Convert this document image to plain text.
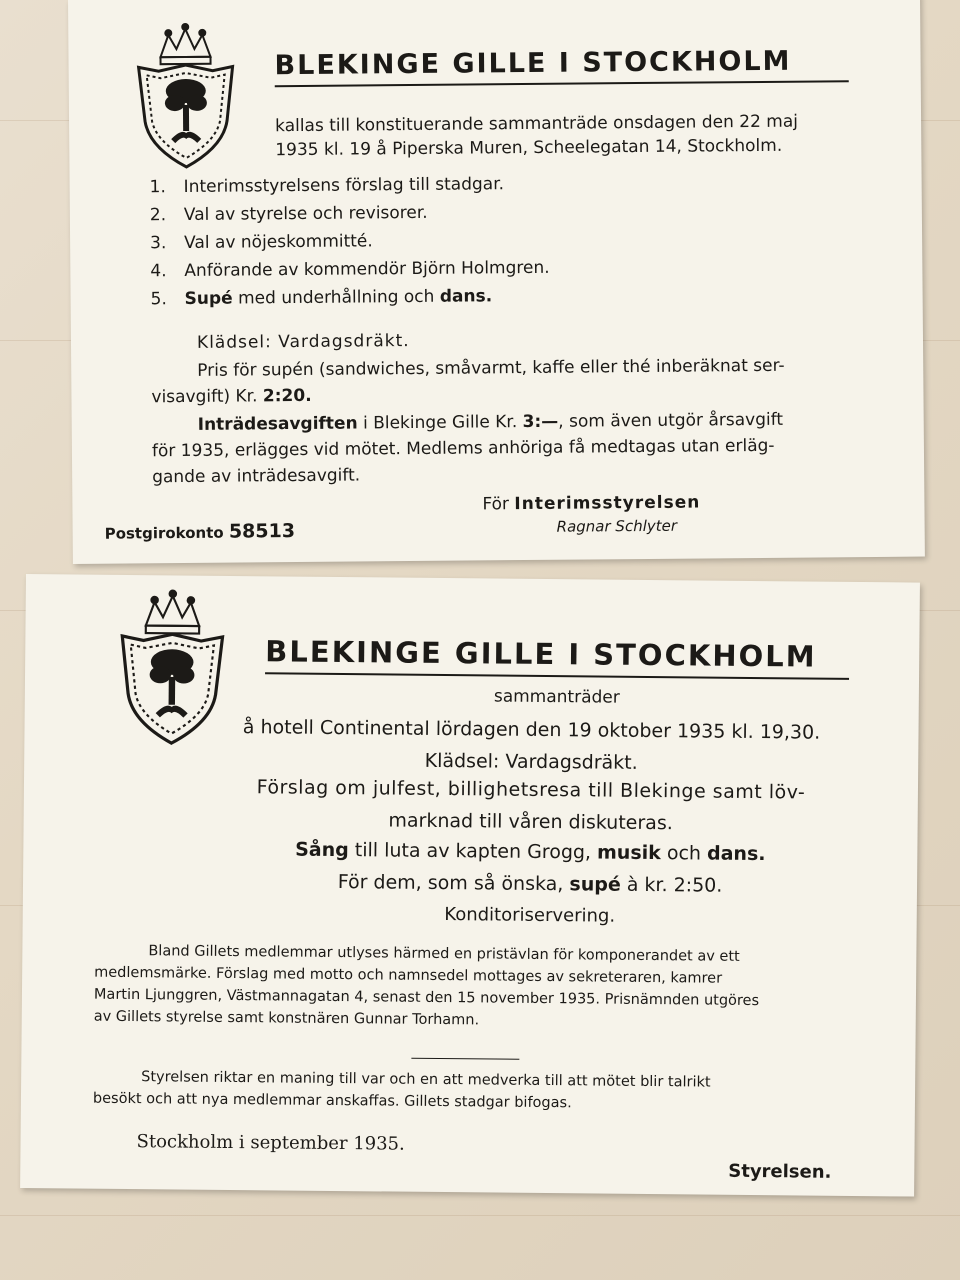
BLEKINGE GILLE I STOCKHOLM
kallas till konstituerande sammanträde onsdagen den 22 maj
1935 kl. 19 å Piperska Muren, Scheelegatan 14, Stockholm.
1. Interimsstyrelsens förslag till stadgar.
2. Val av styrelse och revisorer.
3. Val av nöjeskommitté.
4. Anförande av kommendör Björn Holmgren.
5. Supé med underhållning och dans.
Klädsel: Vardagsdräkt.
Pris för supén (sandwiches, småvarmt, kaffe eller thé inberäknat ser-
visavgift) Kr. 2:20.
Inträdesavgiften i Blekinge Gille Kr. 3:—, som även utgör årsavgift
för 1935, erlägges vid mötet. Medlems anhöriga få medtagas utan erläg-
gande av inträdesavgift.
Postgirokonto 58513
För Interimsstyrelsen
Ragnar Schlyter
BLEKINGE GILLE I STOCKHOLM
sammanträder
å hotell Continental lördagen den 19 oktober 1935 kl. 19,30.
Klädsel: Vardagsdräkt.
Förslag om julfest, billighetsresa till Blekinge samt löv-
marknad till våren diskuteras.
Sång till luta av kapten Grogg, musik och dans.
För dem, som så önska, supé à kr. 2:50.
Konditoriservering.
Bland Gillets medlemmar utlyses härmed en pristävlan för komponerandet av ett
medlemsmärke. Förslag med motto och namnsedel mottages av sekreteraren, kamrer
Martin Ljunggren, Västmannagatan 4, senast den 15 november 1935. Prisnämnden utgöres
av Gillets styrelse samt konstnären Gunnar Torhamn.
Styrelsen riktar en maning till var och en att medverka till att mötet blir talrikt
besökt och att nya medlemmar anskaffas. Gillets stadgar bifogas.
Stockholm i september 1935.
Styrelsen.
